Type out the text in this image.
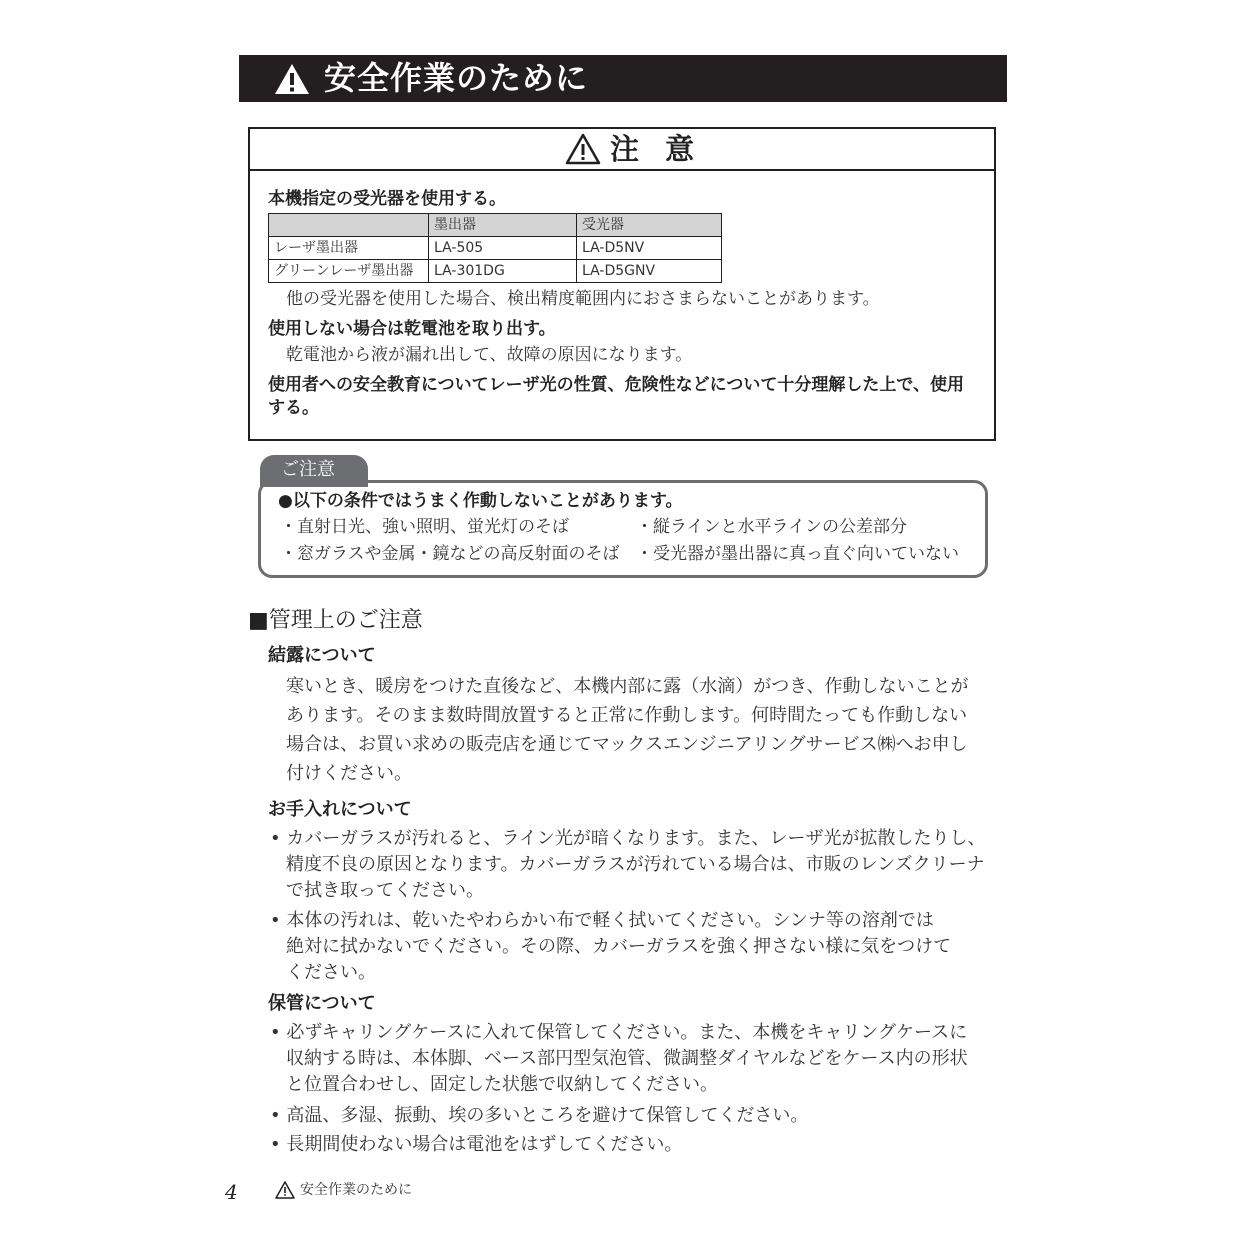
安全作業のために
注 意
本機指定の受光器を使用する。
	墨出器	受光器
レーザ墨出器	LA-505	LA-D5NV
グリーンレーザ墨出器	LA-301DG	LA-D5GNV
他の受光器を使用した場合、検出精度範囲内におさまらないことがあります。
使用しない場合は乾電池を取り出す。
乾電池から液が漏れ出して、故障の原因になります。
使用者への安全教育についてレーザ光の性質、危険性などについて十分理解した上で、使用
する。
ご注意
●以下の条件ではうまく作動しないことがあります。
・直射日光、強い照明、蛍光灯のそば	・縦ラインと水平ラインの公差部分
・窓ガラスや金属・鏡などの高反射面のそば ・受光器が墨出器に真っ直ぐ向いていない
■管理上のご注意
結露について
寒いとき、暖房をつけた直後など、本機内部に露（水滴）がつき、作動しないことが
あります。そのまま数時間放置すると正常に作動します。何時間たっても作動しない
場合は、お買い求めの販売店を通じてマックスエンジニアリングサービス㈱へお申し
付けください。
お手入れについて
• カバーガラスが汚れると、ライン光が暗くなります。また、レーザ光が拡散したりし、
精度不良の原因となります。カバーガラスが汚れている場合は、市販のレンズクリーナ
で拭き取ってください。
• 本体の汚れは、乾いたやわらかい布で軽く拭いてください。シンナ等の溶剤では
絶対に拭かないでください。その際、カバーガラスを強く押さない様に気をつけて
ください。
保管について
• 必ずキャリングケースに入れて保管してください。また、本機をキャリングケースに
収納する時は、本体脚、ベース部円型気泡管、微調整ダイヤルなどをケース内の形状
と位置合わせし、固定した状態で収納してください。
• 高温、多湿、振動、埃の多いところを避けて保管してください。
• 長期間使わない場合は電池をはずしてください。
4	安全作業のために
